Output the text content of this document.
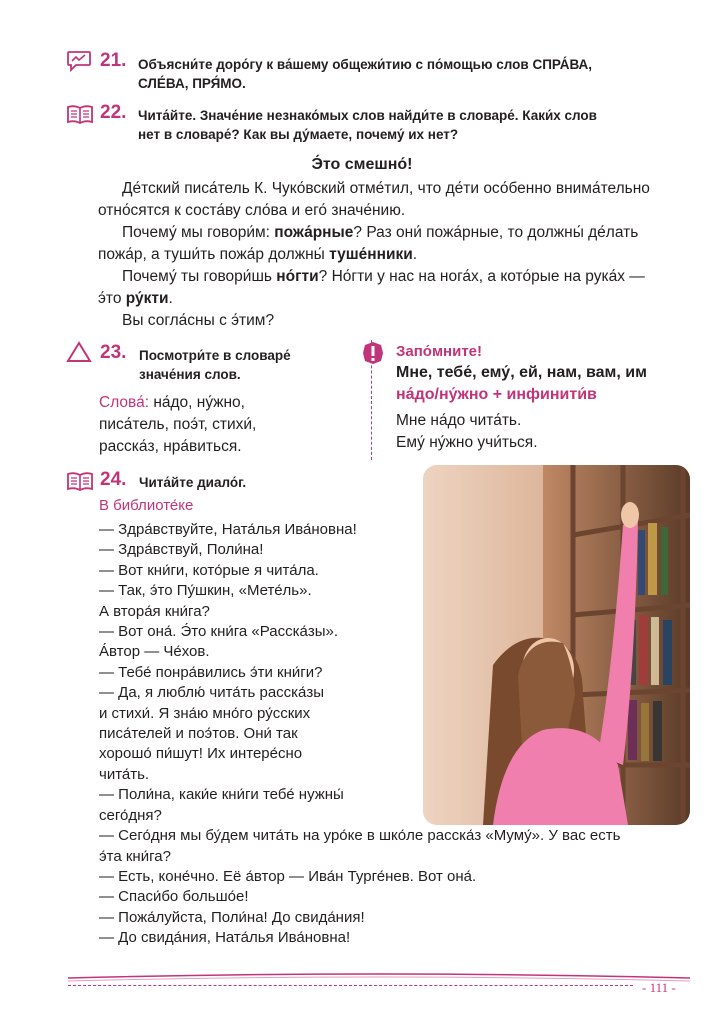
21. Объясни́те доро́гу к ва́шему общежи́тию с по́мощью слов СПРА́ВА,
СЛЕ́ВА, ПРЯ́МО.
22. Чита́йте. Значе́ние незнако́мых слов найди́те в словаре́. Каки́х слов
нет в словаре́? Как вы ду́маете, почему́ их нет?
Э́то смешно́!
Де́тский писа́тель К. Чуко́вский отме́тил, что де́ти осо́бенно внима́тельно
отно́сятся к соста́ву сло́ва и его́ значе́нию.
Почему́ мы говори́м: пожа́рные? Раз они́ пожа́рные, то должны́ де́лать
пожа́р, а туши́ть пожа́р должны́ туше́нники.
Почему́ ты говори́шь но́гти? Но́гти у нас на нога́х, а кото́рые на рука́х —
э́то ру́кти.
Вы согла́сны с э́тим?
23. Посмотри́те в словаре́
значе́ния слов.
Слова́: на́до, ну́жно,
писа́тель, поэ́т, стихи́,
расска́з, нра́виться.
Запо́мните!
Мне, тебе́, ему́, ей, нам, вам, им
на́до/ну́жно + инфинити́в
Мне на́до чита́ть.
Ему́ ну́жно учи́ться.
24. Чита́йте диало́г.
В библиоте́ке
— Здра́вствуйте, Ната́лья Ива́новна!
— Здра́вствуй, Поли́на!
— Вот кни́ги, кото́рые я чита́ла.
— Так, э́то Пу́шкин, «Мете́ль».
А втора́я кни́га?
— Вот она́. Э́то кни́га «Расска́зы».
А́втор — Че́хов.
— Тебе́ понра́вились э́ти кни́ги?
— Да, я люблю́ чита́ть расска́зы
и стихи́. Я зна́ю мно́го ру́сских
писа́телей и поэ́тов. Они́ так
хорошо́ пи́шут! Их интере́сно
чита́ть.
— Поли́на, каки́е кни́ги тебе́ нужны́
сего́дня?
— Сего́дня мы бу́дем чита́ть на уро́ке в шко́ле расска́з «Муму́». У вас есть
э́та кни́га?
— Есть, коне́чно. Её а́втор — Ива́н Турге́нев. Вот она́.
— Спаси́бо большо́е!
— Пожа́луйста, Поли́на! До свида́ния!
— До свида́ния, Ната́лья Ива́новна!
- 111 -
